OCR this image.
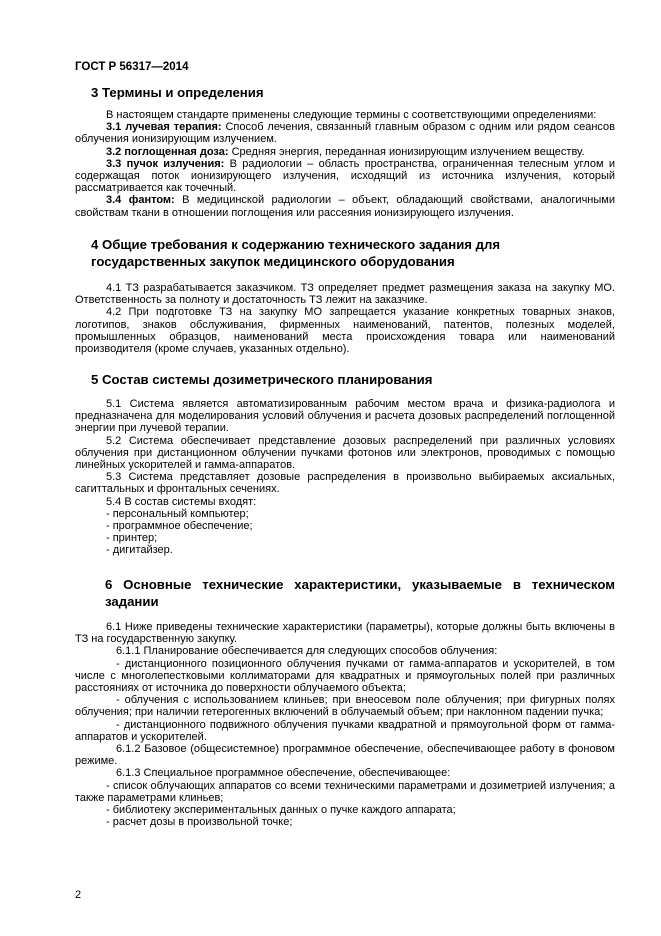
ГОСТ Р 56317—2014
3 Термины и определения

В настоящем стандарте применены следующие термины с соответствующими определениями:

3.1 лучевая терапия: Способ лечения, связанный главным образом с одним или рядом сеансов облучения ионизирующим излучением.

3.2 поглощенная доза: Средняя энергия, переданная ионизирующим излучением веществу.

3.3 пучок излучения: В радиологии – область пространства, ограниченная телесным углом и содержащая поток ионизирующего излучения, исходящий из источника излучения, который рассматривается как точечный.

3.4 фантом: В медицинской радиологии – объект, обладающий свойствами, аналогичными свойствам ткани в отношении поглощения или рассеяния ионизирующего излучения.

4 Общие требования к содержанию технического задания для
государственных закупок медицинского оборудования

4.1 ТЗ разрабатывается заказчиком. ТЗ определяет предмет размещения заказа на закупку МО. Ответственность за полноту и достаточность ТЗ лежит на заказчике.

4.2 При подготовке ТЗ на закупку МО запрещается указание конкретных товарных знаков, логотипов, знаков обслуживания, фирменных наименований, патентов, полезных моделей, промышленных образцов, наименований места происхождения товара или наименований производителя (кроме случаев, указанных отдельно).

5 Состав системы дозиметрического планирования

5.1 Система является автоматизированным рабочим местом врача и физика-радиолога и предназначена для моделирования условий облучения и расчета дозовых распределений поглощенной энергии при лучевой терапии.

5.2 Система обеспечивает представление дозовых распределений при различных условиях облучения при дистанционном облучении пучками фотонов или электронов, проводимых с помощью линейных ускорителей и гамма-аппаратов.

5.3 Система представляет дозовые распределения в произвольно выбираемых аксиальных, сагиттальных и фронтальных сечениях.

5.4 В состав системы входят:

- персональный компьютер;
- программное обеспечение;
- принтер;
- дигитайзер.
6 Основные технические характеристики, указываемые в техническом задании

6.1 Ниже приведены технические характеристики (параметры), которые должны быть включены в ТЗ на государственную закупку.

6.1.1 Планирование обеспечивается для следующих способов облучения:

- дистанционного позиционного облучения пучками от гамма-аппаратов и ускорителей, в том числе с многолепестковыми коллиматорами для квадратных и прямоугольных полей при различных расстояниях от источника до поверхности облучаемого объекта;

- облучения с использованием клиньев; при внеосевом поле облучения; при фигурных полях облучения; при наличии гетерогенных включений в облучаемый объем; при наклонном падении пучка;

- дистанционного подвижного облучения пучками квадратной и прямоугольной форм от гамма-аппаратов и ускорителей.

6.1.2 Базовое (общесистемное) программное обеспечение, обеспечивающее работу в фоновом режиме.

6.1.3 Специальное программное обеспечение, обеспечивающее:

- список облучающих аппаратов со всеми техническими параметрами и дозиметрией излучения; а также параметрами клиньев;

- библиотеку экспериментальных данных о пучке каждого аппарата;

- расчет дозы в произвольной точке;

2
